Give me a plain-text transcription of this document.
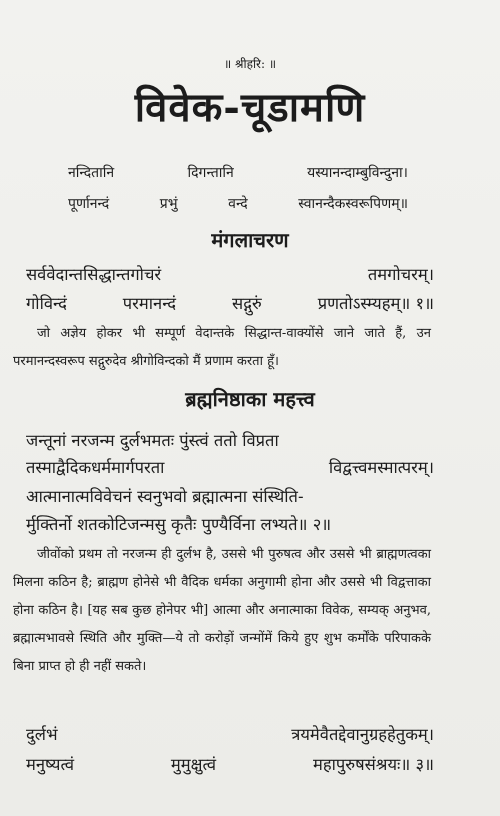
॥ श्रीहरि: ॥
विवेक-चूडामणि
नन्दितानि	दिगन्तानि	यस्यानन्दाम्बुविन्दुना।
पूर्णानन्दं	प्रभुं	वन्दे	स्वानन्दैकस्वरूपिणम्॥
मंगलाचरण
सर्ववेदान्तसिद्धान्तगोचरं	तमगोचरम्।
गोविन्दं	परमानन्दं	सद्गुरुं	प्रणतोऽस्म्यहम्॥ १॥
जो अज्ञेय होकर भी सम्पूर्ण वेदान्तके सिद्धान्त-वाक्योंसे जाने जाते हैं, उन परमानन्दस्वरूप सद्गुरुदेव श्रीगोविन्दको मैं प्रणाम करता हूँ।
ब्रह्मनिष्ठाका महत्त्व
जन्तूनां नरजन्म दुर्लभमतः पुंस्त्वं ततो विप्रता
तस्माद्वैदिकधर्ममार्गपरता	विद्वत्त्वमस्मात्परम्।
आत्मानात्मविवेचनं स्वनुभवो ब्रह्मात्मना संस्थिति-
र्मुक्तिर्नो शतकोटिजन्मसु कृतैः पुण्यैर्विना लभ्यते॥ २॥
जीवोंको प्रथम तो नरजन्म ही दुर्लभ है, उससे भी पुरुषत्व और उससे भी ब्राह्मणत्वका मिलना कठिन है; ब्राह्मण होनेसे भी वैदिक धर्मका अनुगामी होना और उससे भी विद्वत्ताका होना कठिन है। [यह सब कुछ होनेपर भी] आत्मा और अनात्माका विवेक, सम्यक् अनुभव, ब्रह्मात्मभावसे स्थिति और मुक्ति—ये तो करोड़ों जन्मोंमें किये हुए शुभ कर्मोंके परिपाकके बिना प्राप्त हो ही नहीं सकते।
दुर्लभं	त्रयमेवैतद्देवानुग्रहहेतुकम्।
मनुष्यत्वं	मुमुक्षुत्वं	महापुरुषसंश्रयः॥ ३॥
